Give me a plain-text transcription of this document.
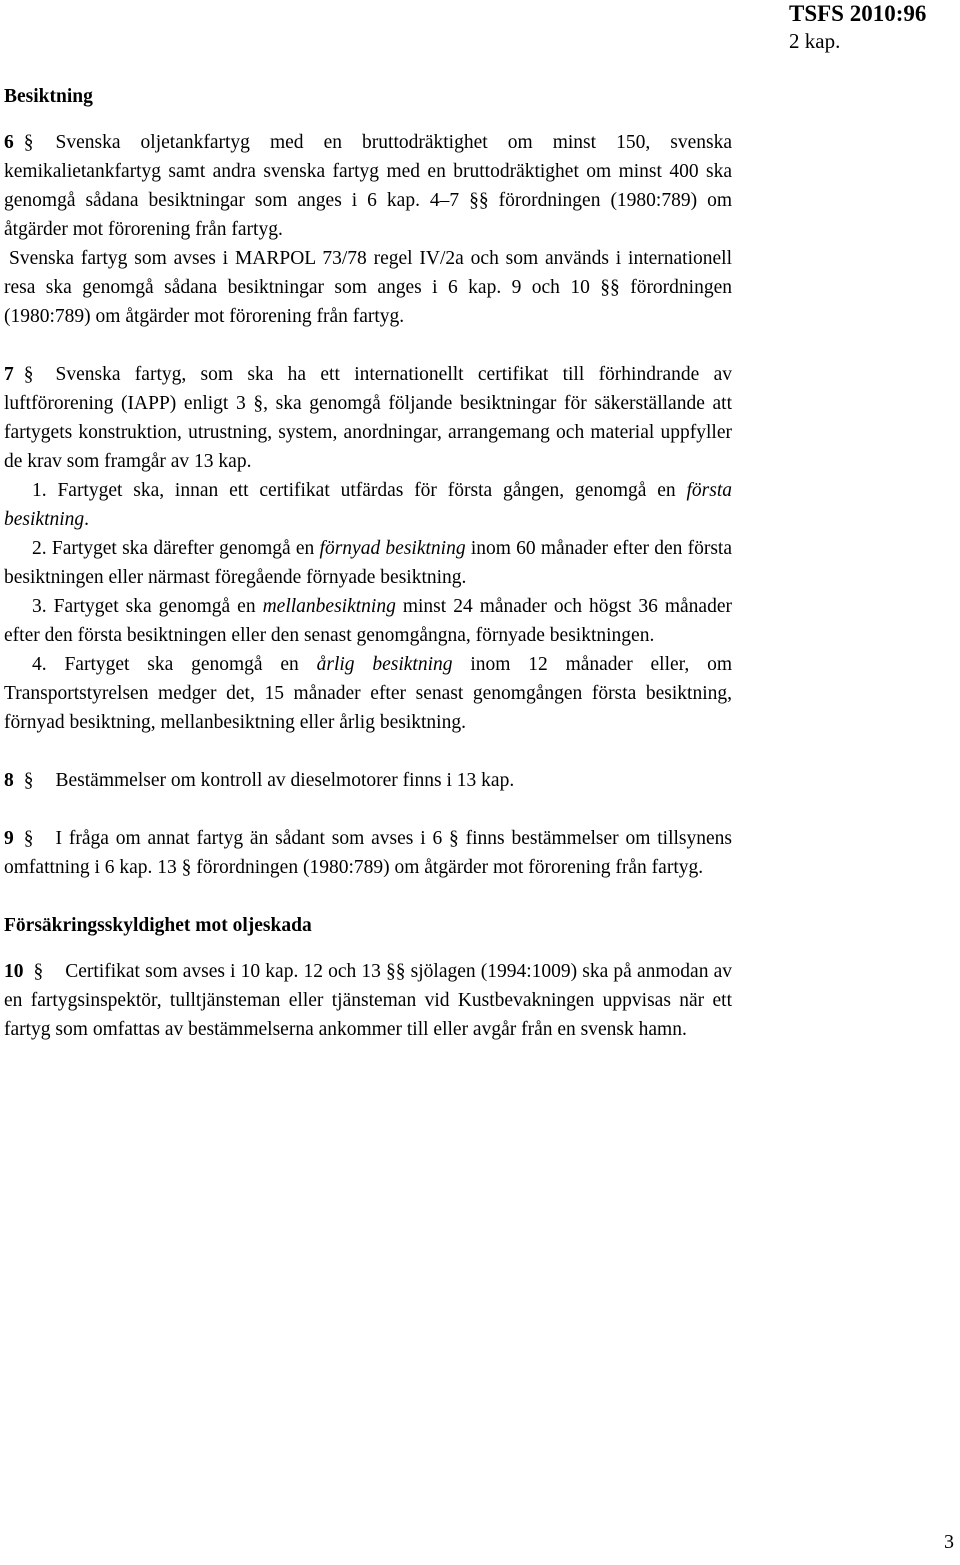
TSFS 2010:96
2 kap.
Besiktning

6 § Svenska oljetankfartyg med en bruttodräktighet om minst 150, svenska kemikalietankfartyg samt andra svenska fartyg med en bruttodräktighet om minst 400 ska genomgå sådana besiktningar som anges i 6 kap. 4–7 §§ förordningen (1980:789) om åtgärder mot förorening från fartyg.

Svenska fartyg som avses i MARPOL 73/78 regel IV/2a och som används i internationell resa ska genomgå sådana besiktningar som anges i 6 kap. 9 och 10 §§ förordningen (1980:789) om åtgärder mot förorening från fartyg.

7 § Svenska fartyg, som ska ha ett internationellt certifikat till förhindrande av luftförorening (IAPP) enligt 3 §, ska genomgå följande besiktningar för säkerställande att fartygets konstruktion, utrustning, system, anordningar, arrangemang och material uppfyller de krav som framgår av 13 kap.

1. Fartyget ska, innan ett certifikat utfärdas för första gången, genomgå en första besiktning.

2. Fartyget ska därefter genomgå en förnyad besiktning inom 60 månader efter den första besiktningen eller närmast föregående förnyade besiktning.

3. Fartyget ska genomgå en mellanbesiktning minst 24 månader och högst 36 månader efter den första besiktningen eller den senast genomgångna, förnyade besiktningen.

4. Fartyget ska genomgå en årlig besiktning inom 12 månader eller, om Transportstyrelsen medger det, 15 månader efter senast genomgången första besiktning, förnyad besiktning, mellanbesiktning eller årlig besiktning.

8 § Bestämmelser om kontroll av dieselmotorer finns i 13 kap.

9 § I fråga om annat fartyg än sådant som avses i 6 § finns bestämmelser om tillsynens omfattning i 6 kap. 13 § förordningen (1980:789) om åtgärder mot förorening från fartyg.

Försäkringsskyldighet mot oljeskada

10 § Certifikat som avses i 10 kap. 12 och 13 §§ sjölagen (1994:1009) ska på anmodan av en fartygsinspektör, tulltjänsteman eller tjänsteman vid Kustbevakningen uppvisas när ett fartyg som omfattas av bestämmelserna ankommer till eller avgår från en svensk hamn.

3
